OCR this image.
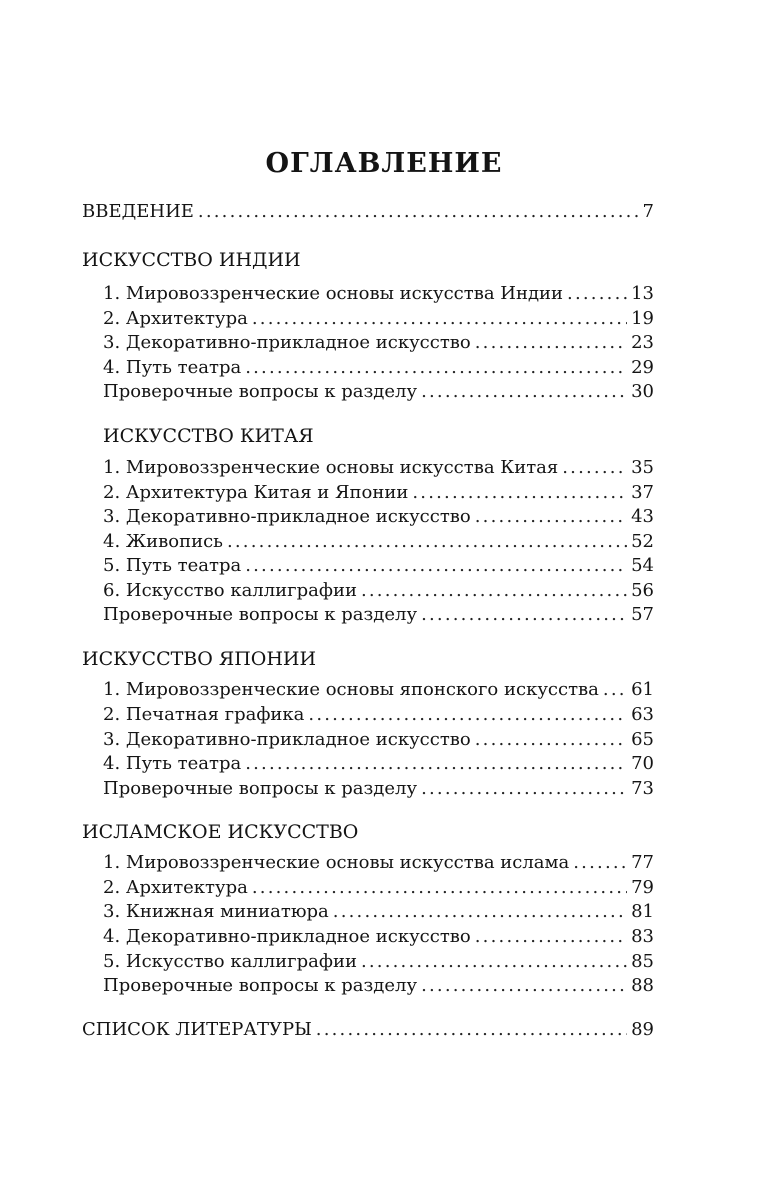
ОГЛАВЛЕНИЕ
ВВЕДЕНИЕ .....	7
ИСКУССТВО ИНДИИ
1. Мировоззренческие основы искусства Индии .....	13
2. Архитектура .....	19
3. Декоративно-прикладное искусство .....	23
4. Путь театра .....	29
Проверочные вопросы к разделу .....	30
ИСКУССТВО КИТАЯ
1. Мировоззренческие основы искусства Китая .....	35
2. Архитектура Китая и Японии .....	37
3. Декоративно-прикладное искусство .....	43
4. Живопись .....	52
5. Путь театра .....	54
6. Искусство каллиграфии .....	56
Проверочные вопросы к разделу .....	57
ИСКУССТВО ЯПОНИИ
1. Мировоззренческие основы японского искусства ..... 61
2. Печатная графика .....	63
3. Декоративно-прикладное искусство .....	65
4. Путь театра .....	70
Проверочные вопросы к разделу .....	73
ИСЛАМСКОЕ ИСКУССТВО
1. Мировоззренческие основы искусства ислама .....	77
2. Архитектура .....	79
3. Книжная миниатюра .....	81
4. Декоративно-прикладное искусство .....	83
5. Искусство каллиграфии .....	85
Проверочные вопросы к разделу .....	88
СПИСОК ЛИТЕРАТУРЫ .....	89
